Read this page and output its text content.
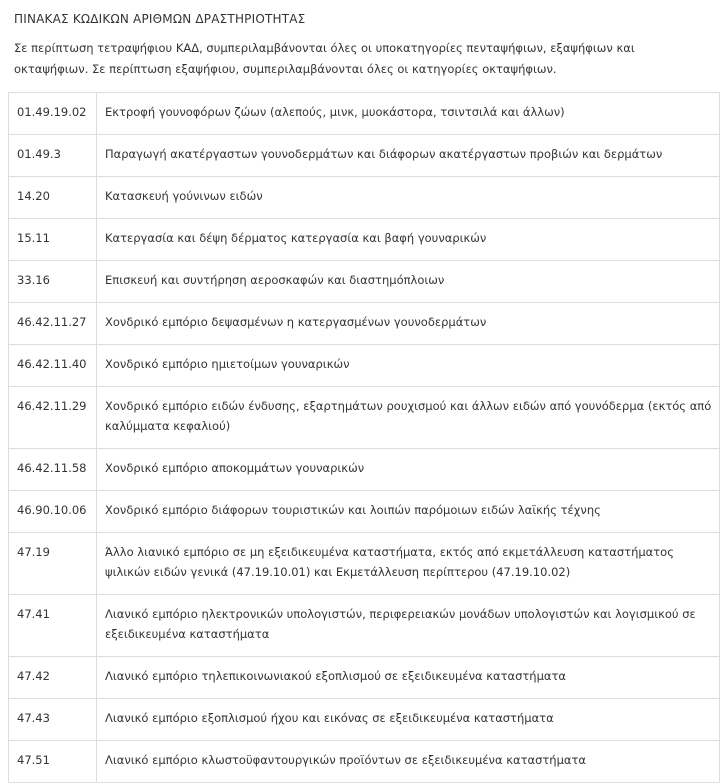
ΠΙΝΑΚΑΣ ΚΩΔΙΚΩΝ ΑΡΙΘΜΩΝ ΔΡΑΣΤΗΡΙΟΤΗΤΑΣ
Σε περίπτωση τετραψήφιου ΚΑΔ, συμπεριλαμβάνονται όλες οι υποκατηγορίες πενταψήφιων, εξαψήφιων και οκταψήφιων. Σε περίπτωση εξαψήφιου, συμπεριλαμβάνονται όλες οι κατηγορίες οκταψήφιων.
01.49.19.02	Εκτροφή γουνοφόρων ζώων (αλεπούς, μινκ, μυοκάστορα, τσιντσιλά και άλλων)
01.49.3	Παραγωγή ακατέργαστων γουνοδερμάτων και διάφορων ακατέργαστων προβιών και δερμάτων
14.20	Κατασκευή γούνινων ειδών
15.11	Κατεργασία και δέψη δέρματος κατεργασία και βαφή γουναρικών
33.16	Επισκευή και συντήρηση αεροσκαφών και διαστημόπλοιων
46.42.11.27	Χονδρικό εμπόριο δεψασμένων η κατεργασμένων γουνοδερμάτων
46.42.11.40	Χονδρικό εμπόριο ημιετοίμων γουναρικών
46.42.11.29	Χονδρικό εμπόριο ειδών ένδυσης, εξαρτημάτων ρουχισμού και άλλων ειδών από γουνόδερμα (εκτός από καλύμματα κεφαλιού)
46.42.11.58	Χονδρικό εμπόριο αποκομμάτων γουναρικών
46.90.10.06	Χονδρικό εμπόριο διάφορων τουριστικών και λοιπών παρόμοιων ειδών λαϊκής τέχνης
47.19	Άλλο λιανικό εμπόριο σε μη εξειδικευμένα καταστήματα, εκτός από εκμετάλλευση καταστήματος ψιλικών ειδών γενικά (47.19.10.01) και Εκμετάλλευση περίπτερου (47.19.10.02)
47.41	Λιανικό εμπόριο ηλεκτρονικών υπολογιστών, περιφερειακών μονάδων υπολογιστών και λογισμικού σε εξειδικευμένα καταστήματα
47.42	Λιανικό εμπόριο τηλεπικοινωνιακού εξοπλισμού σε εξειδικευμένα καταστήματα
47.43	Λιανικό εμπόριο εξοπλισμού ήχου και εικόνας σε εξειδικευμένα καταστήματα
47.51	Λιανικό εμπόριο κλωστοϋφαντουργικών προϊόντων σε εξειδικευμένα καταστήματα
